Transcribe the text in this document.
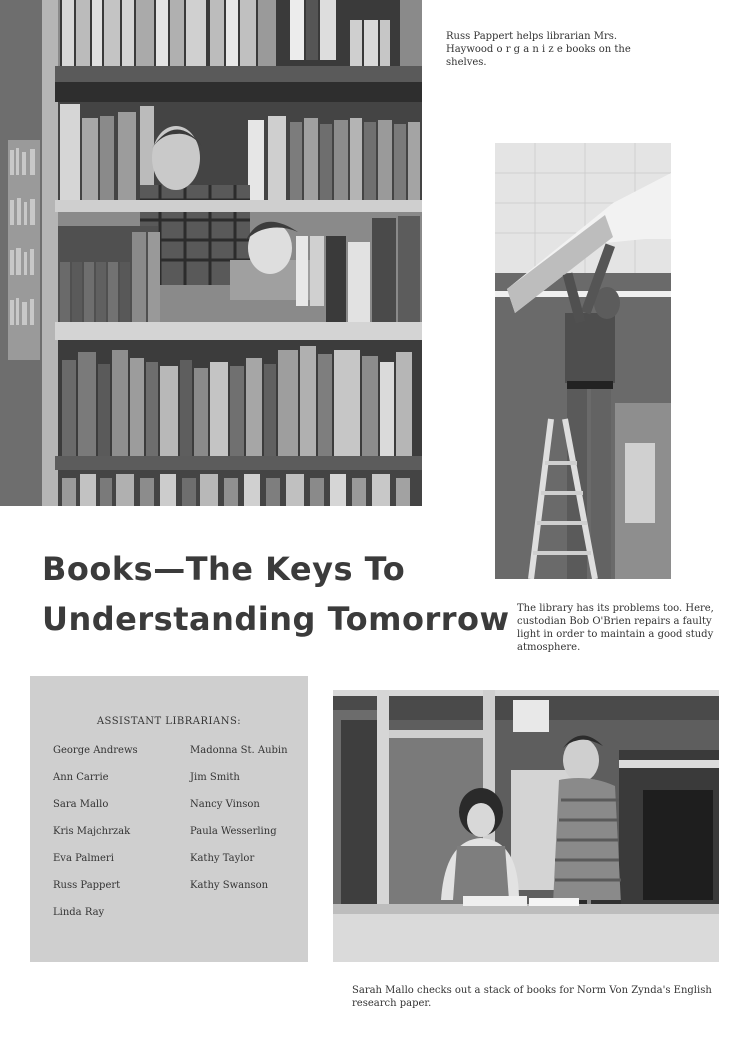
Russ Pappert helps librarian Mrs. Haywood o r g a n i z e books on the shelves.
The library has its problems too. Here, custodian Bob O'Brien repairs a faulty light in order to maintain a good study atmosphere.
Books—The Keys To
Understanding Tomorrow
ASSISTANT LIBRARIANS:
George Andrews
Ann Carrie
Sara Mallo
Kris Majchrzak
Eva Palmeri
Russ Pappert
Linda Ray
Madonna St. Aubin
Jim Smith
Nancy Vinson
Paula Wesserling
Kathy Taylor
Kathy Swanson
Sarah Mallo checks out a stack of books for Norm Von Zynda's English research paper.
